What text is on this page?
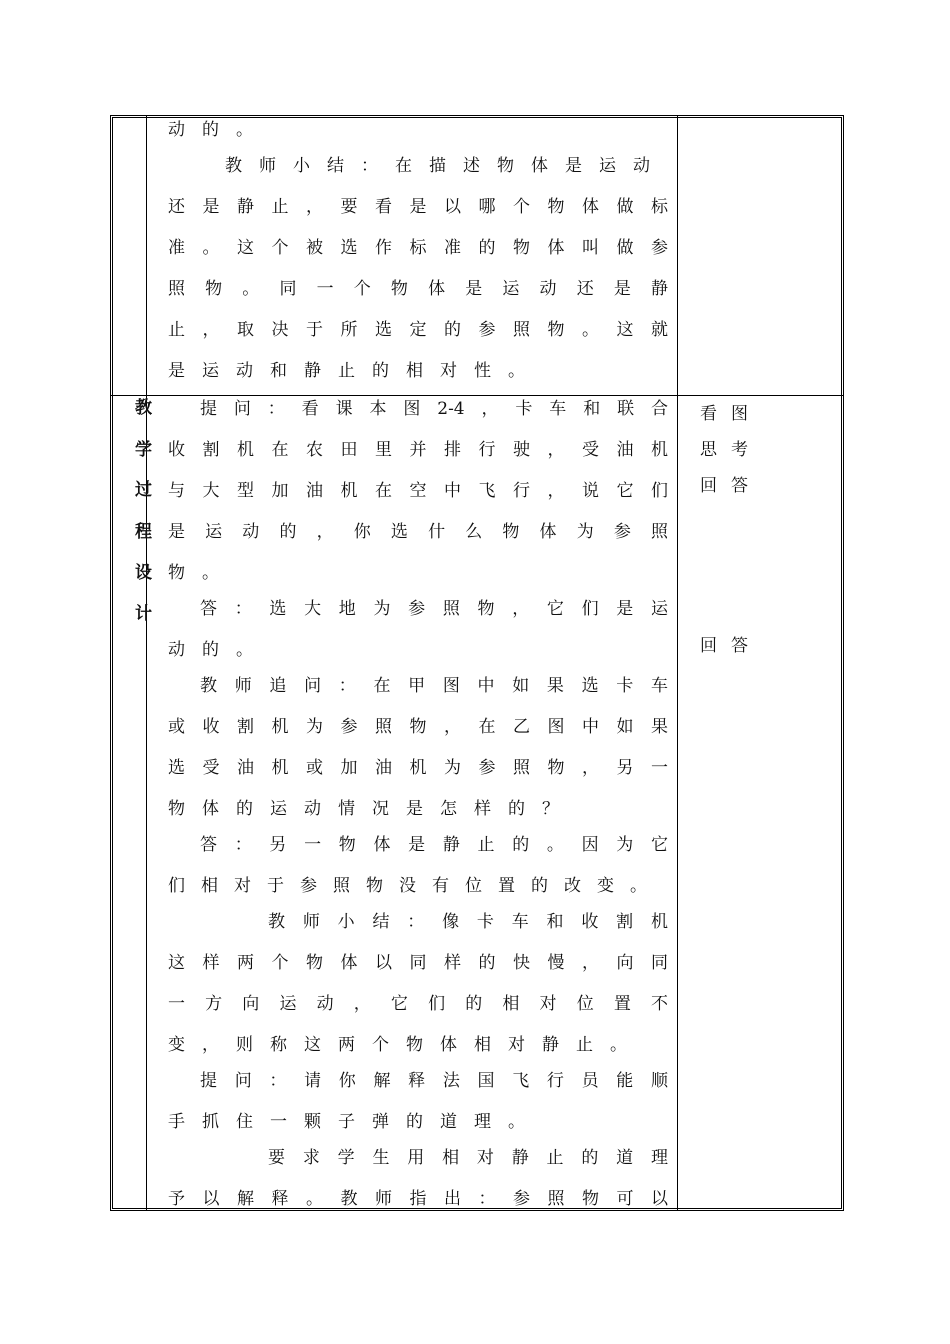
动的。
教师小结：在描述物体是运动
还是静止，要看是以哪个物体做标
准。这个被选作标准的物体叫做参
照物。同一个物体是运动还是静
止，取决于所选定的参照物。这就
是运动和静止的相对性。
教
学
过
程
设
计
提问：看课本图2-4，卡车和联合
收割机在农田里并排行驶，受油机
与大型加油机在空中飞行，说它们
是运动的，你选什么物体为参照
物。
答：选大地为参照物，它们是运
动的。
教师追问：在甲图中如果选卡车
或收割机为参照物，在乙图中如果
选受油机或加油机为参照物，另一
物体的运动情况是怎样的？
答：另一物体是静止的。因为它
们相对于参照物没有位置的改变。
教师小结：像卡车和收割机
这样两个物体以同样的快慢，向同
一方向运动，它们的相对位置不
变，则称这两个物体相对静止。
提问：请你解释法国飞行员能顺
手抓住一颗子弹的道理。
要求学生用相对静止的道理
予以解释。教师指出：参照物可以
看图
思考
回答
回答
